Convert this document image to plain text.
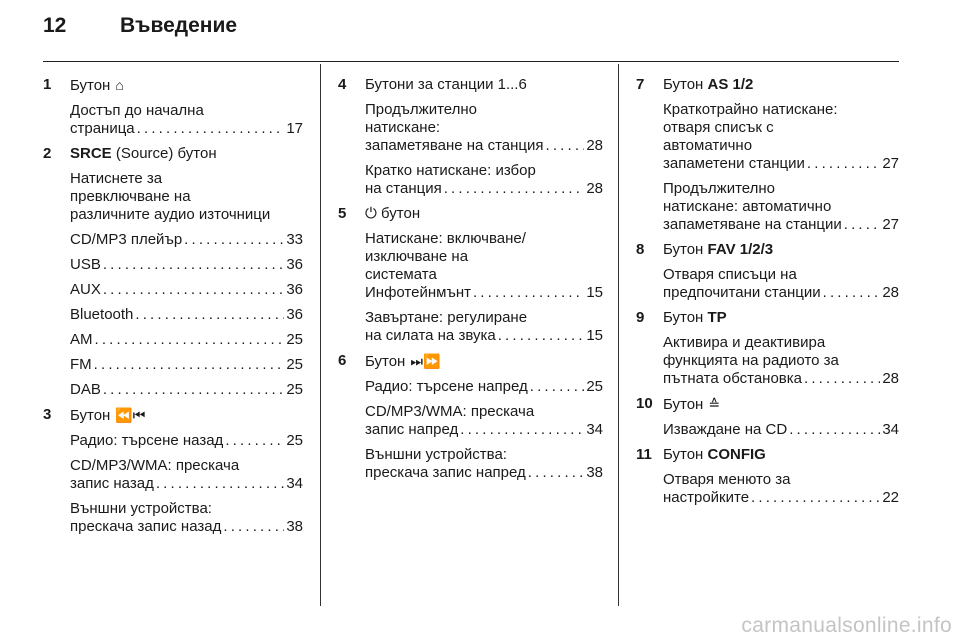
12	Въведение
1	Бутон ⌂
Достъп до начална
страница . . .	17
2	SRCE (Source) бутон
Натиснете за
превключване на
различните аудио източници
CD/MP3 плейър . . .	33
USB . . .	36
AUX . . .	36
Bluetooth . . .	36
AM . . .	25
FM . . .	25
DAB . . .	25
3	Бутон ⏪⏮
Радио: търсене назад . . .	25
CD/MP3/WMA: прескача
запис назад . . .	34
Външни устройства:
прескача запис назад . . .	38
4	Бутони за станции 1...6
Продължително
натискане:
запаметяване на станция . . .	28
Кратко натискане: избор
на станция . . .	28
5	⏻ бутон
Натискане: включване/
изключване на
системата
Инфотейнмънт . . .	15
Завъртане: регулиране
на силата на звука . . .	15
6	Бутон ⏭⏩
Радио: търсене напред . . .	25
CD/MP3/WMA: прескача
запис напред . . .	34
Външни устройства:
прескача запис напред . . .	38
7	Бутон AS 1/2
Краткотрайно натискане:
отваря списък с
автоматично
запаметени станции . . .	27
Продължително
натискане: автоматично
запаметяване на станции . . .	27
8	Бутон FAV 1/2/3
Отваря списъци на
предпочитани станции . . .	28
9	Бутон TP
Активира и деактивира
функцията на радиото за
пътната обстановка . . .	28
10 Бутон ≙
Изваждане на CD . . .	34
11 Бутон CONFIG
Отваря менюто за
настройките . . .	22
carmanualsonline.info
